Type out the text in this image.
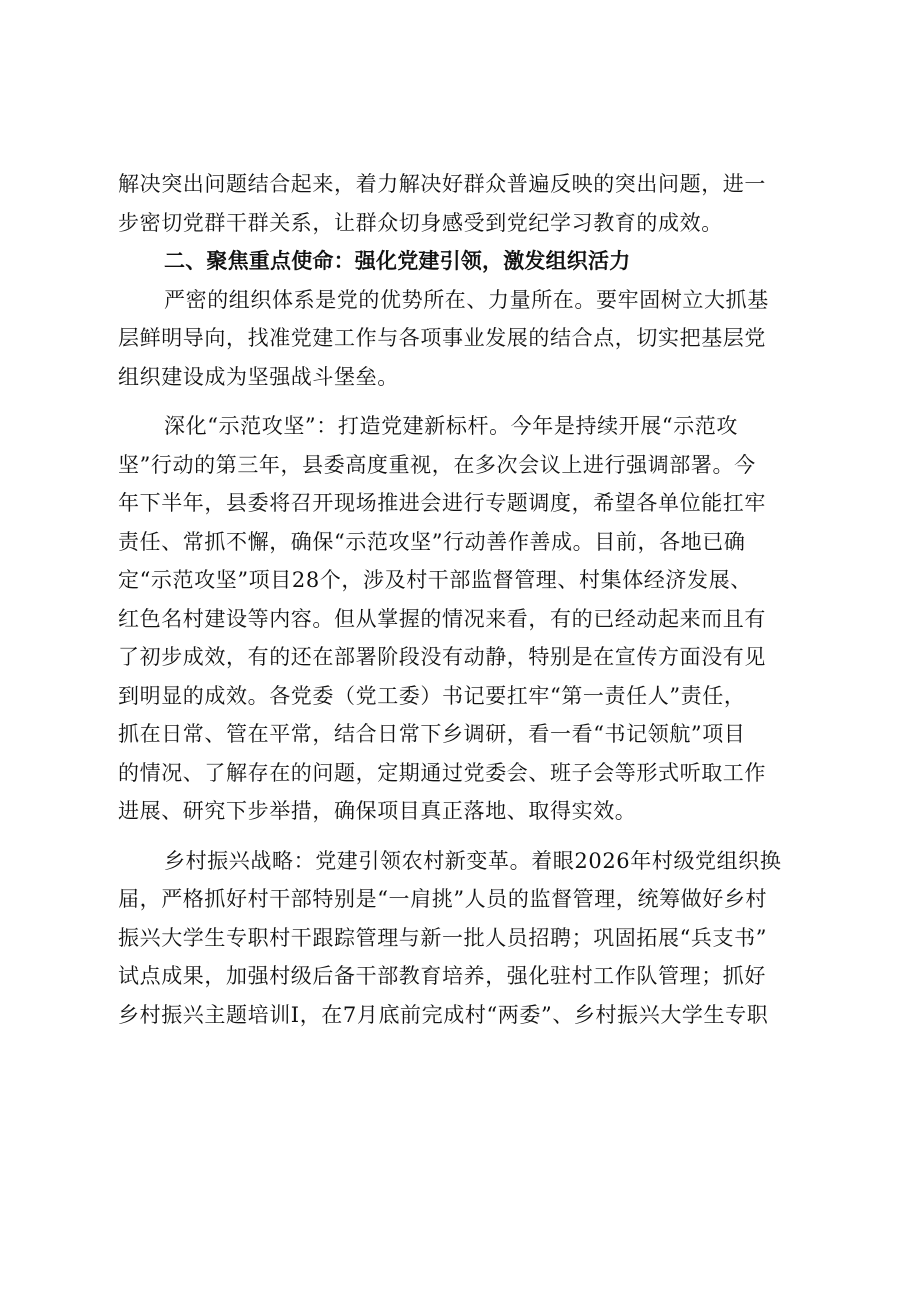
解决突出问题结合起来，着力解决好群众普遍反映的突出问题，进一
步密切党群干群关系，让群众切身感受到党纪学习教育的成效。
二、聚焦重点使命：强化党建引领，激发组织活力
严密的组织体系是党的优势所在、力量所在。要牢固树立大抓基
层鲜明导向，找准党建工作与各项事业发展的结合点，切实把基层党
组织建设成为坚强战斗堡垒。
深化“示范攻坚”：打造党建新标杆。今年是持续开展“示范攻
坚”行动的第三年，县委高度重视，在多次会议上进行强调部署。今
年下半年，县委将召开现场推进会进行专题调度，希望各单位能扛牢
责任、常抓不懈，确保“示范攻坚”行动善作善成。目前，各地已确
定“示范攻坚”项目28个，涉及村干部监督管理、村集体经济发展、
红色名村建设等内容。但从掌握的情况来看，有的已经动起来而且有
了初步成效，有的还在部署阶段没有动静，特别是在宣传方面没有见
到明显的成效。各党委（党工委）书记要扛牢“第一责任人”责任，
抓在日常、管在平常，结合日常下乡调研，看一看“书记领航”项目
的情况、了解存在的问题，定期通过党委会、班子会等形式听取工作
进展、研究下步举措，确保项目真正落地、取得实效。
乡村振兴战略：党建引领农村新变革。着眼2026年村级党组织换
届，严格抓好村干部特别是“一肩挑”人员的监督管理，统筹做好乡村
振兴大学生专职村干跟踪管理与新一批人员招聘；巩固拓展“兵支书”
试点成果，加强村级后备干部教育培养，强化驻村工作队管理；抓好
乡村振兴主题培训I，在7月底前完成村“两委”、乡村振兴大学生专职
